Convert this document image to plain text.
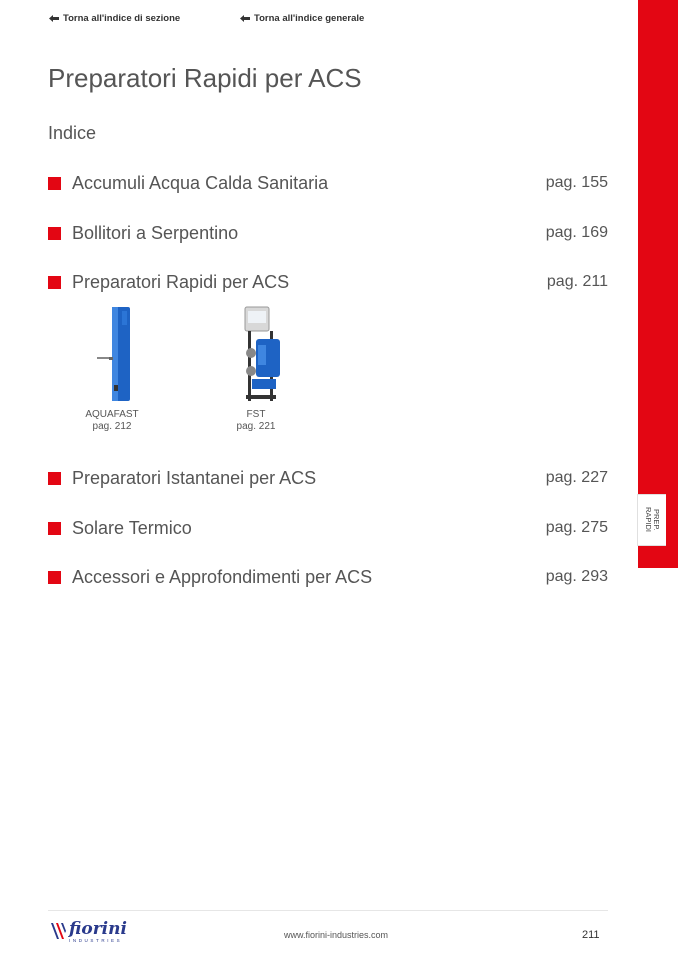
Torna all'indice di sezione	Torna all'indice generale
PREP.
RAPIDI
Preparatori Rapidi per ACS
Indice
Accumuli Acqua Calda Sanitaria	pag. 155
Bollitori a Serpentino	pag. 169
Preparatori Rapidi per ACS	pag. 211
AQUAFAST
pag. 212
FST
pag. 221
Preparatori Istantanei per ACS	pag. 227
Solare Termico	pag. 275
Accessori e Approfondimenti per ACS	pag. 293
fiorini
INDUSTRIES
www.fiorini-industries.com	211
